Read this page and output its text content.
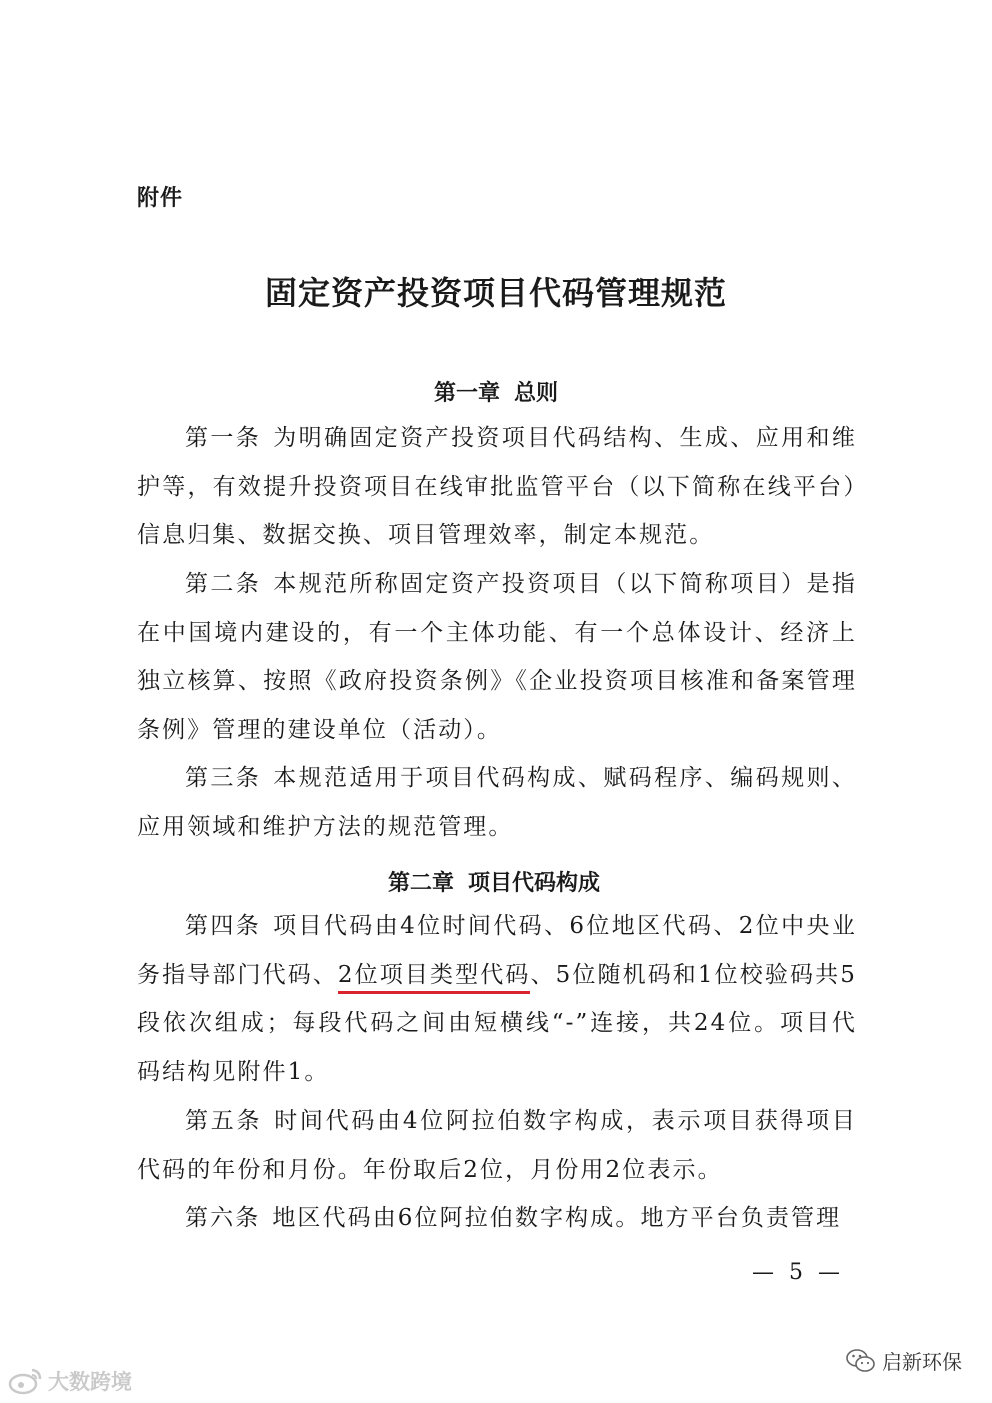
附件
固定资产投资项目代码管理规范
第一章 总则

第一条 为明确固定资产投资项目代码结构、生成、应用和维护等，有效提升投资项目在线审批监管平台（以下简称在线平台）信息归集、数据交换、项目管理效率，制定本规范。

第二条 本规范所称固定资产投资项目（以下简称项目）是指在中国境内建设的，有一个主体功能、有一个总体设计、经济上独立核算、按照《政府投资条例》《企业投资项目核准和备案管理条例》管理的建设单位（活动）。

第三条 本规范适用于项目代码构成、赋码程序、编码规则、应用领域和维护方法的规范管理。

第二章 项目代码构成

第四条 项目代码由4位时间代码、6位地区代码、2位中央业务指导部门代码、2位项目类型代码、5位随机码和1位校验码共5段依次组成；每段代码之间由短横线“-”连接，共24位。项目代码结构见附件1。

第五条 时间代码由4位阿拉伯数字构成，表示项目获得项目代码的年份和月份。年份取后2位，月份用2位表示。

第六条 地区代码由6位阿拉伯数字构成。地方平台负责管理

— 5 —
大数跨境
启新环保
